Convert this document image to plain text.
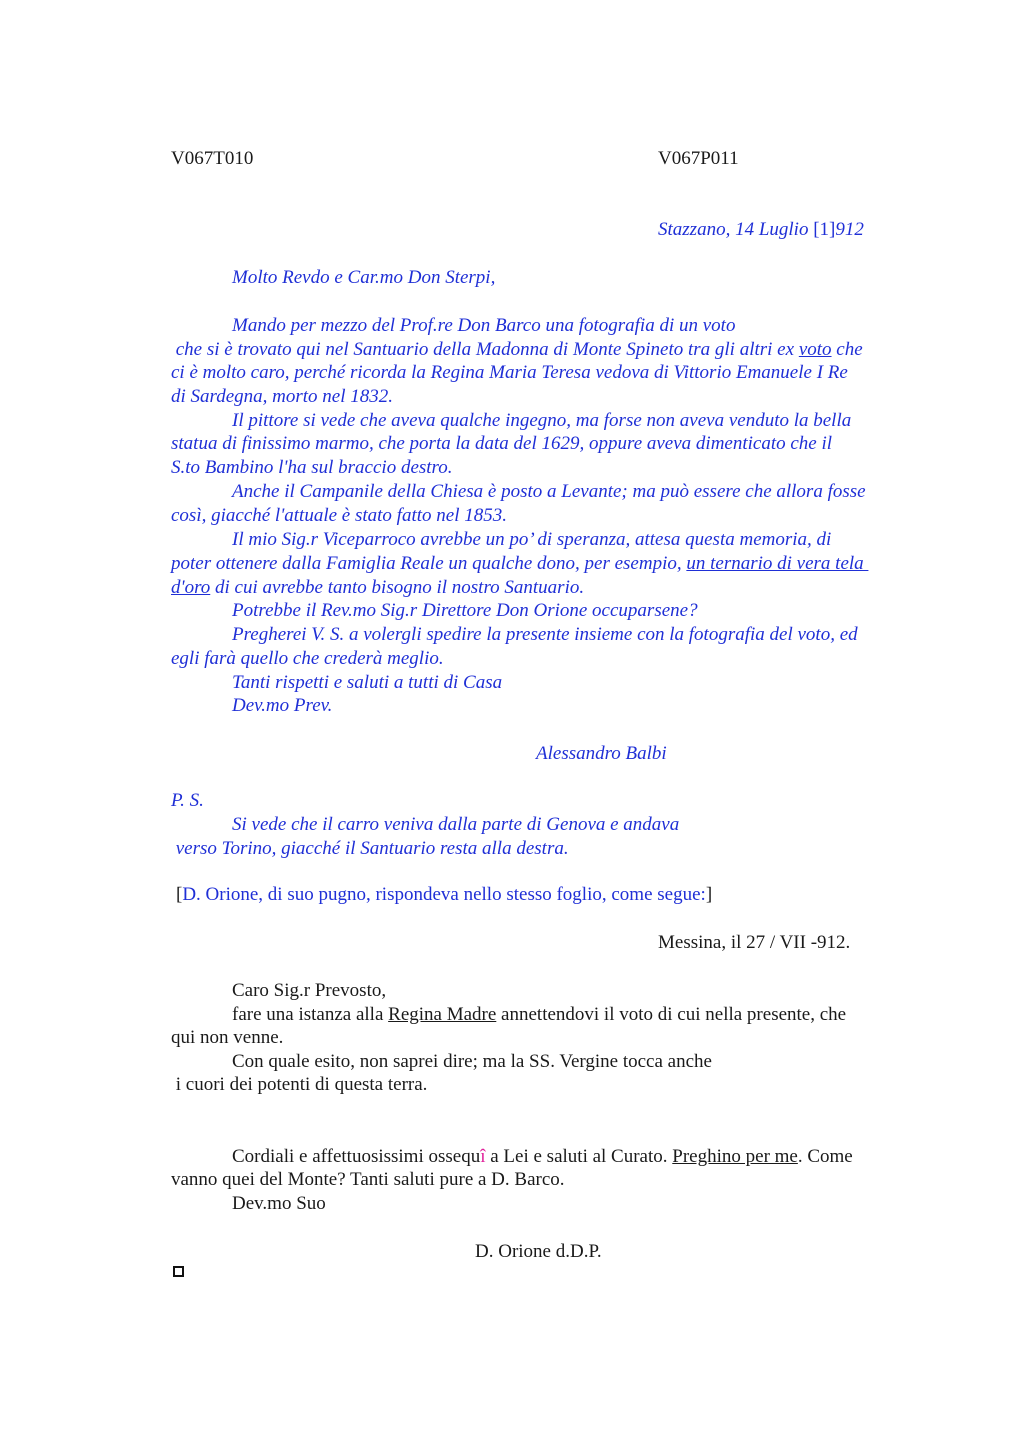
V067T010	V067P011
Stazzano, 14 Luglio [1]912
Molto Revdo e Car.mo Don Sterpi,
Mando per mezzo del Prof.re Don Barco una fotografia di un voto
che si è trovato qui nel Santuario della Madonna di Monte Spineto tra gli altri ex voto che
ci è molto caro, perché ricorda la Regina Maria Teresa vedova di Vittorio Emanuele I Re
di Sardegna, morto nel 1832.
Il pittore si vede che aveva qualche ingegno, ma forse non aveva venduto la bella
statua di finissimo marmo, che porta la data del 1629, oppure aveva dimenticato che il
S.to Bambino l'ha sul braccio destro.
Anche il Campanile della Chiesa è posto a Levante; ma può essere che allora fosse
così, giacché l'attuale è stato fatto nel 1853.
Il mio Sig.r Viceparroco avrebbe un po’ di speranza, attesa questa memoria, di
poter ottenere dalla Famiglia Reale un qualche dono, per esempio, un ternario di vera tela
d'oro di cui avrebbe tanto bisogno il nostro Santuario.
Potrebbe il Rev.mo Sig.r Direttore Don Orione occuparsene?
Pregherei V. S. a volergli spedire la presente insieme con la fotografia del voto, ed
egli farà quello che crederà meglio.
Tanti rispetti e saluti a tutti di Casa
Dev.mo Prev.
Alessandro Balbi
P. S.
Si vede che il carro veniva dalla parte di Genova e andava
verso Torino, giacché il Santuario resta alla destra.
[D. Orione, di suo pugno, rispondeva nello stesso foglio, come segue:]
Messina, il 27 / VII -912.
Caro Sig.r Prevosto,
fare una istanza alla Regina Madre annettendovi il voto di cui nella presente, che
qui non venne.
Con quale esito, non saprei dire; ma la SS. Vergine tocca anche
i cuori dei potenti di questa terra.
Cordiali e affettuosissimi ossequî a Lei e saluti al Curato. Preghino per me. Come
vanno quei del Monte? Tanti saluti pure a D. Barco.
Dev.mo Suo
D. Orione d.D.P.
